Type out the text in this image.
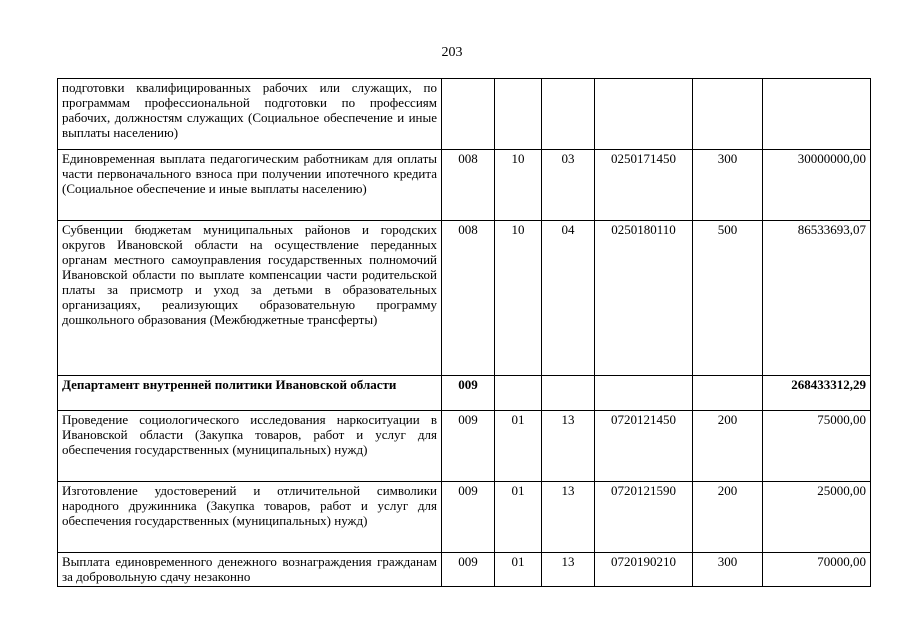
203
подготовки квалифицированных рабочих или служащих, по программам профессиональной подготовки по профессиям рабочих, должностям служащих (Социальное обеспечение и иные выплаты населению)						
Единовременная выплата педагогическим работникам для оплаты части первоначального взноса при получении ипотечного кредита (Социальное обеспечение и иные выплаты населению)	008	10	03	0250171450	300	30000000,00
Субвенции бюджетам муниципальных районов и городских округов Ивановской области на осуществление переданных органам местного самоуправления государственных полномочий Ивановской области по выплате компенсации части родительской платы за присмотр и уход за детьми в образовательных организациях, реализующих образовательную программу дошкольного образования (Межбюджетные трансферты)	008	10	04	0250180110	500	86533693,07
Департамент внутренней политики Ивановской области	009					268433312,29
Проведение социологического исследования наркоситуации в Ивановской области (Закупка товаров, работ и услуг для обеспечения государственных (муниципальных) нужд)	009	01	13	0720121450	200	75000,00
Изготовление удостоверений и отличительной символики народного дружинника (Закупка товаров, работ и услуг для обеспечения государственных (муниципальных) нужд)	009	01	13	0720121590	200	25000,00

Выплата единовременного денежного вознаграждения гражданам за добровольную сдачу незаконно	009	01	13	0720190210	300	70000,00
